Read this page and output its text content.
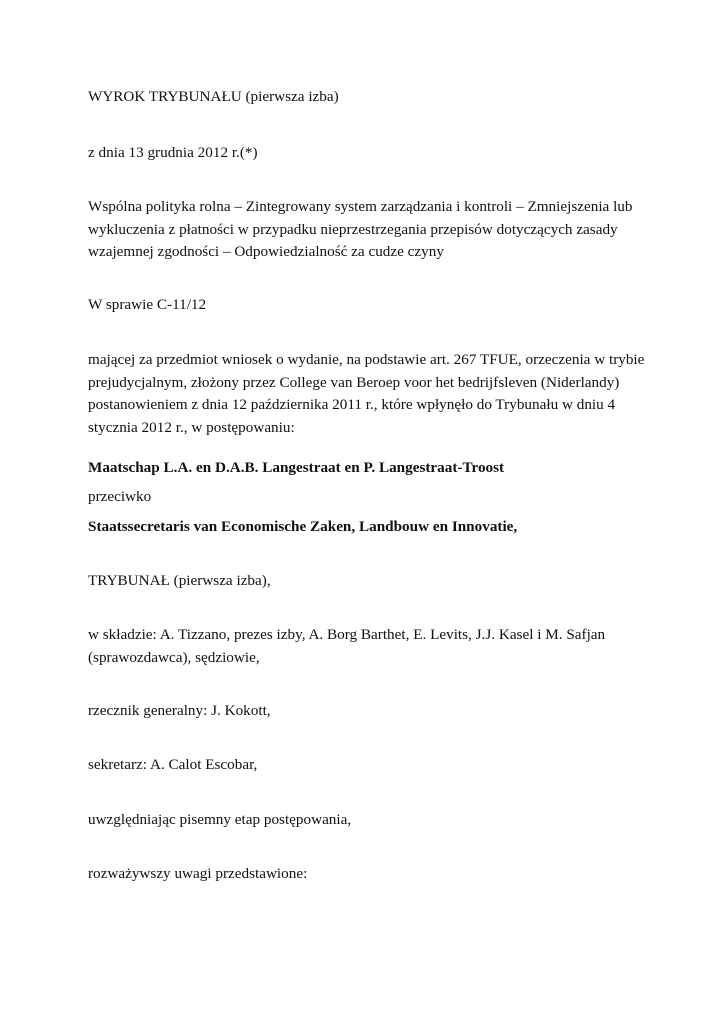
WYROK TRYBUNAŁU (pierwsza izba)

z dnia 13 grudnia 2012 r.(*)

Wspólna polityka rolna – Zintegrowany system zarządzania i kontroli – Zmniejszenia lub
wykluczenia z płatności w przypadku nieprzestrzegania przepisów dotyczących zasady
wzajemnej zgodności – Odpowiedzialność za cudze czyny

W sprawie C‑11/12

mającej za przedmiot wniosek o wydanie, na podstawie art. 267 TFUE, orzeczenia w trybie
prejudycjalnym, złożony przez College van Beroep voor het bedrijfsleven (Niderlandy)
postanowieniem z dnia 12 października 2011 r., które wpłynęło do Trybunału w dniu 4
stycznia 2012 r., w postępowaniu:

Maatschap L.A. en D.A.B. Langestraat en P. Langestraat-Troost

przeciwko

Staatssecretaris van Economische Zaken, Landbouw en Innovatie,

TRYBUNAŁ (pierwsza izba),

w składzie: A. Tizzano, prezes izby, A. Borg Barthet, E. Levits, J.J. Kasel i M. Safjan
(sprawozdawca), sędziowie,

rzecznik generalny: J. Kokott,

sekretarz: A. Calot Escobar,

uwzględniając pisemny etap postępowania,

rozważywszy uwagi przedstawione:
